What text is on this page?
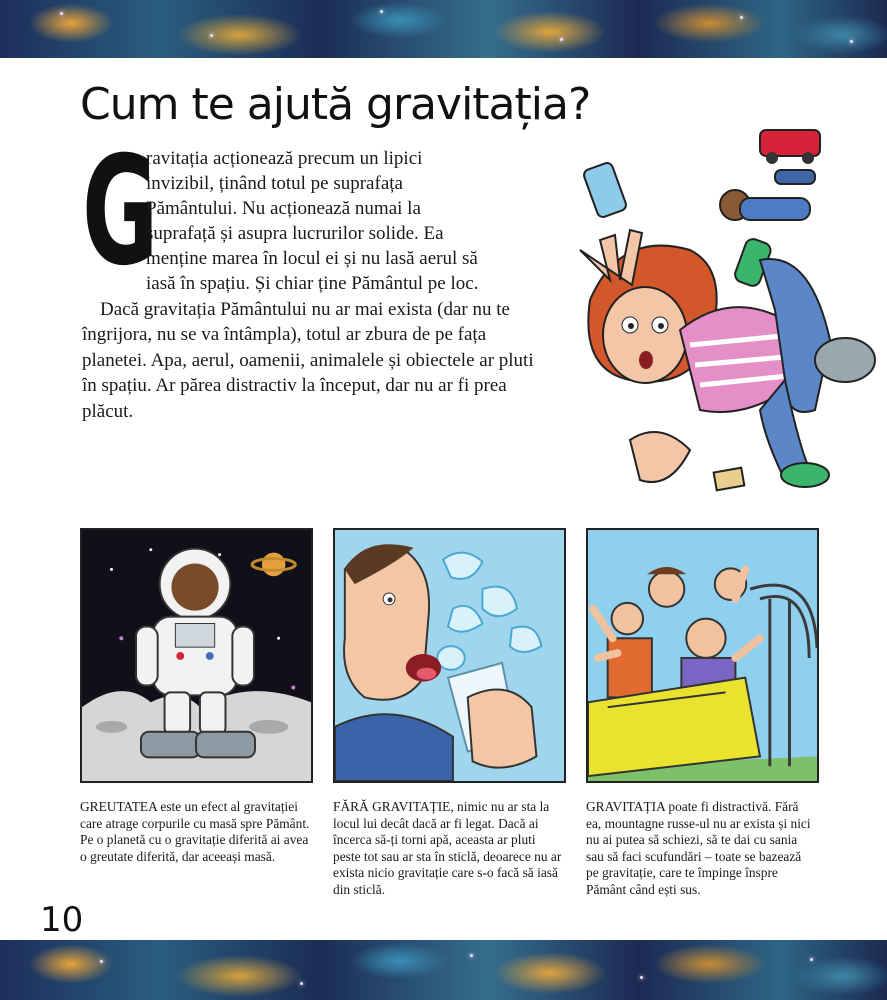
Cum te ajută gravitația?
G
ravitația acționează precum un lipici
invizibil, ținând totul pe suprafața
Pământului. Nu acționează numai la
suprafață și asupra lucrurilor solide. Ea
menține marea în locul ei și nu lasă aerul să
iasă în spațiu. Și chiar ține Pământul pe loc.
Dacă gravitația Pământului nu ar mai exista (dar nu te îngrijora, nu se va întâmpla), totul ar zbura de pe fața planetei. Apa, aerul, oamenii, animalele și obiectele ar pluti în spațiu. Ar părea distractiv la început, dar nu ar fi prea plăcut.
GREUTATEA este un efect al gravitației care atrage corpurile cu masă spre Pământ. Pe o planetă cu o gravitație diferită ai avea o greutate diferită, dar aceeași masă.
FĂRĂ GRAVITAȚIE, nimic nu ar sta la locul lui decât dacă ar fi legat. Dacă ai încerca să-ți torni apă, aceasta ar pluti peste tot sau ar sta în sticlă, deoarece nu ar exista nicio gravitație care s-o facă să iasă din sticlă.
GRAVITAȚIA poate fi distractivă. Fără ea, mountagne russe-ul nu ar exista și nici nu ai putea să schiezi, să te dai cu sania sau să faci scufundări – toate se bazează pe gravitație, care te împinge înspre Pământ când ești sus.
10
